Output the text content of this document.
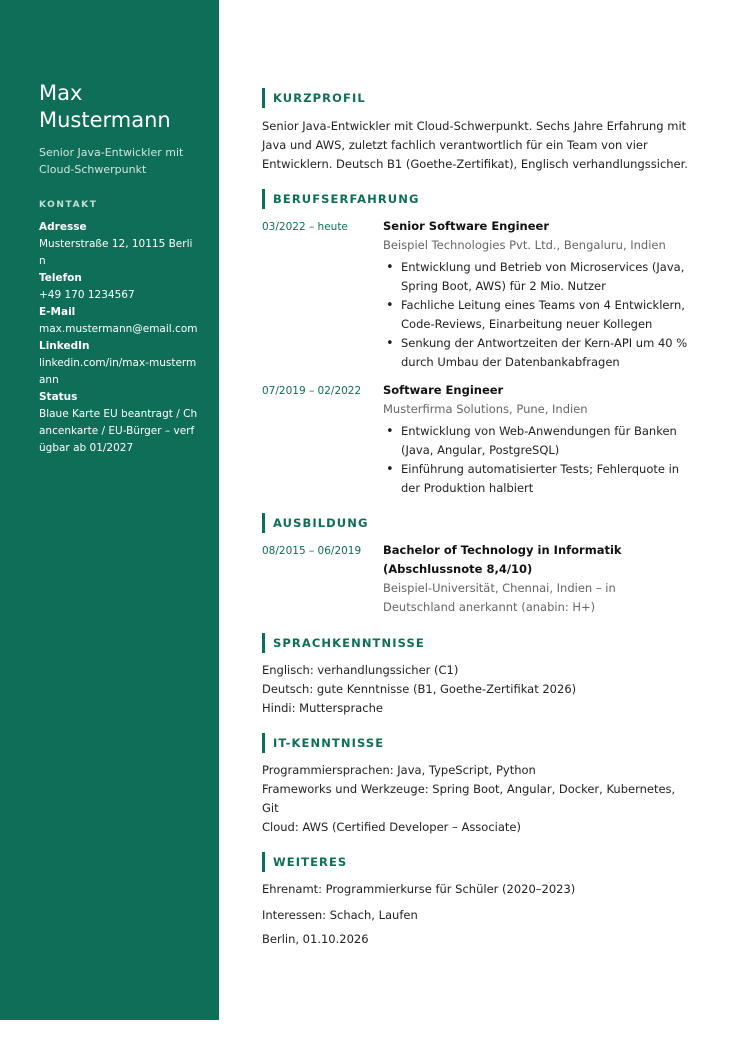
Max
Mustermann
Senior Java-Entwickler mit Cloud-Schwerpunkt
KONTAKT
Adresse
Musterstraße 12, 10115 Berlin
Telefon
+49 170 1234567
E-Mail
max.mustermann@email.com
LinkedIn
linkedin.com/in/max-mustermann
Status
Blaue Karte EU beantragt / Chancenkarte / EU-Bürger – verfügbar ab 01/2027
KURZPROFIL

Senior Java-Entwickler mit Cloud-Schwerpunkt. Sechs Jahre Erfahrung mit Java und AWS, zuletzt fachlich verantwortlich für ein Team von vier Entwicklern. Deutsch B1 (Goethe-Zertifikat), Englisch verhandlungssicher.

BERUFSERFAHRUNG
03/2022 – heute	Senior Software Engineer
Beispiel Technologies Pvt. Ltd., Bengaluru, Indien
• Entwicklung und Betrieb von Microservices (Java, Spring Boot, AWS) für 2 Mio. Nutzer
• Fachliche Leitung eines Teams von 4 Entwicklern, Code-Reviews, Einarbeitung neuer Kollegen
• Senkung der Antwortzeiten der Kern-API um 40 % durch Umbau der Datenbankabfragen
07/2019 – 02/2022	Software Engineer
Musterfirma Solutions, Pune, Indien
• Entwicklung von Web-Anwendungen für Banken (Java, Angular, PostgreSQL)
• Einführung automatisierter Tests; Fehlerquote in der Produktion halbiert
AUSBILDUNG
08/2015 – 06/2019	Bachelor of Technology in Informatik (Abschlussnote 8,4/10)
Beispiel-Universität, Chennai, Indien – in Deutschland anerkannt (anabin: H+)
SPRACHKENNTNISSE
Englisch: verhandlungssicher (C1)
Deutsch: gute Kenntnisse (B1, Goethe-Zertifikat 2026)
Hindi: Muttersprache
IT-KENNTNISSE
Programmiersprachen: Java, TypeScript, Python
Frameworks und Werkzeuge: Spring Boot, Angular, Docker, Kubernetes, Git
Cloud: AWS (Certified Developer – Associate)
WEITERES
Ehrenamt: Programmierkurse für Schüler (2020–2023)
Interessen: Schach, Laufen
Berlin, 01.10.2026
